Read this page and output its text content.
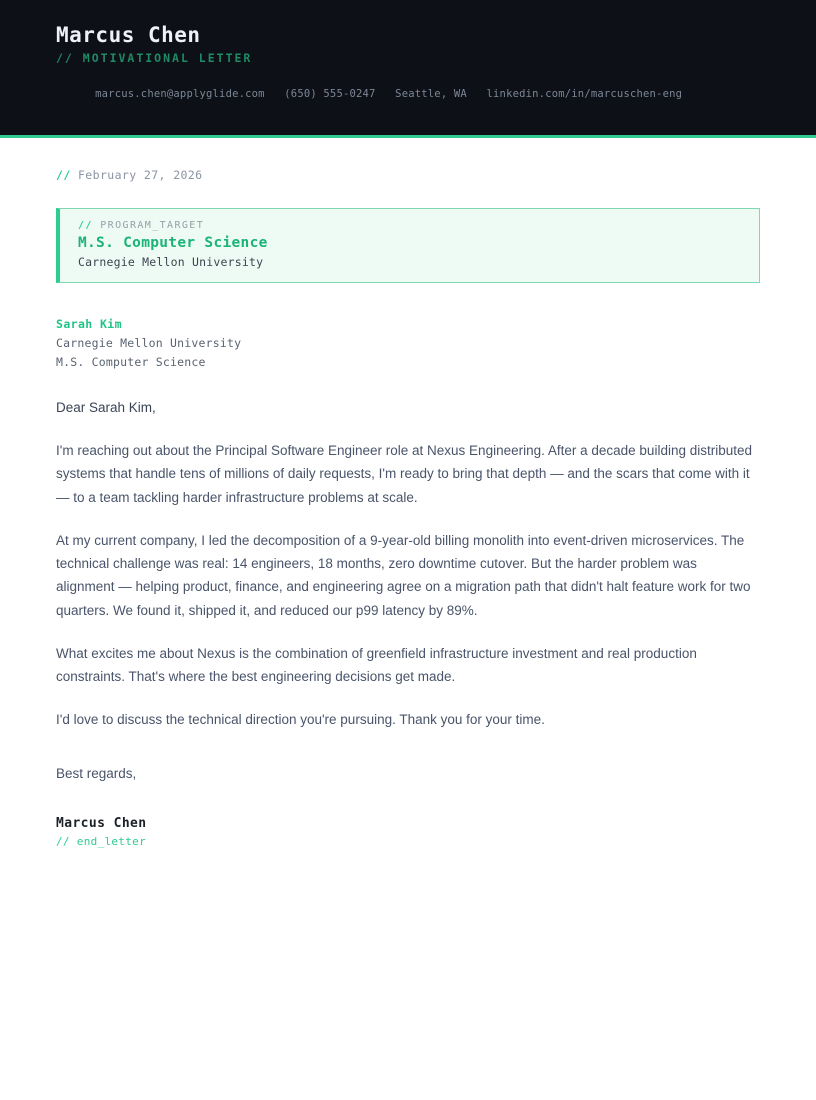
Marcus Chen
// MOTIVATIONAL LETTER

marcus.chen@applyglide.com (650) 555-0247 Seattle, WA linkedin.com/in/marcuschen-eng

// February 27, 2026
// PROGRAM_TARGET
M.S. Computer Science
Carnegie Mellon University
Sarah Kim
Carnegie Mellon University
M.S. Computer Science
Dear Sarah Kim,

I'm reaching out about the Principal Software Engineer role at Nexus Engineering. After a decade building distributed systems that handle tens of millions of daily requests, I'm ready to bring that depth — and the scars that come with it — to a team tackling harder infrastructure problems at scale.

At my current company, I led the decomposition of a 9-year-old billing monolith into event-driven microservices. The technical challenge was real: 14 engineers, 18 months, zero downtime cutover. But the harder problem was alignment — helping product, finance, and engineering agree on a migration path that didn't halt feature work for two quarters. We found it, shipped it, and reduced our p99 latency by 89%.

What excites me about Nexus is the combination of greenfield infrastructure investment and real production constraints. That's where the best engineering decisions get made.

I'd love to discuss the technical direction you're pursuing. Thank you for your time.

Best regards,
Marcus Chen
// end_letter
